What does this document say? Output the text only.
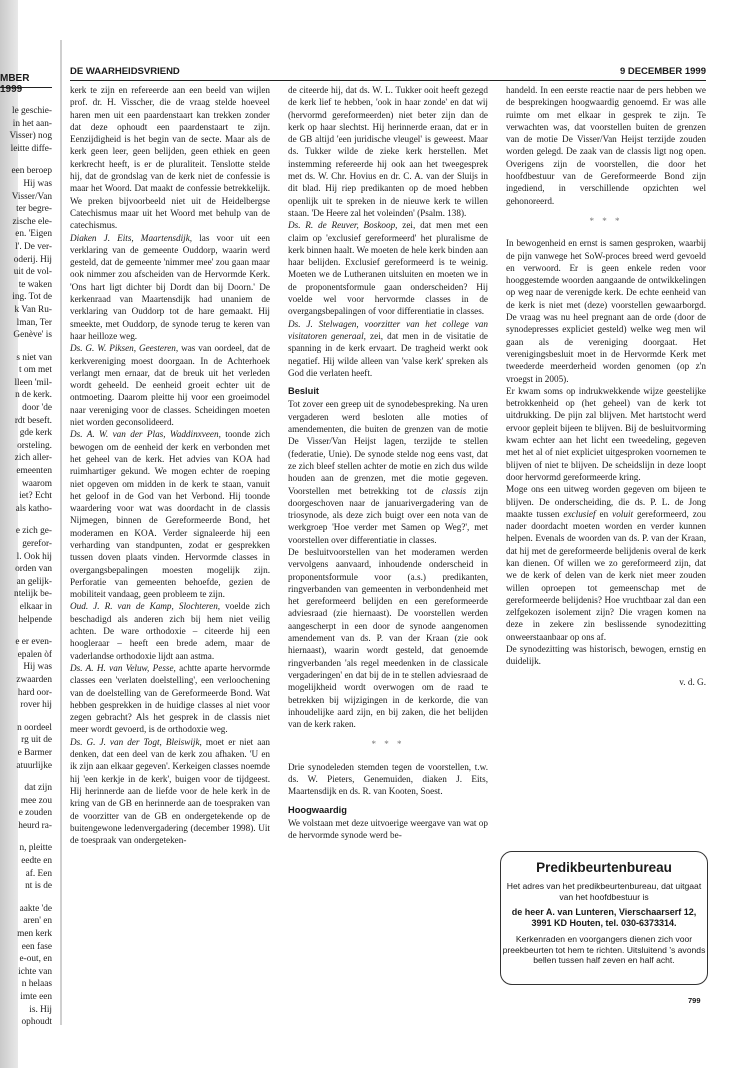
MBER 1999

le geschie-

in het aan-

Visser) nog

leitte diffe-

een beroep

Hij was

Visser/Van

ter begre-

zische ele-

en. 'Eigen

l'. De ver-

oderij. Hij

uit de vol-

te waken

ing. Tot de

k Van Ru-

lman, Ter

Genève' is

s niet van

t om met

lleen 'mil-

n de kerk.

door 'de

rdt beseft.

gde kerk

orsteling.

zich aller-

emeenten

waarom

iet? Echt

als katho-

e zich ge-

gerefor-

l. Ook hij

orden van

an gelijk-

ntelijk be-

elkaar in

helpende

e er even-

epalen òf

Hij was

zwaarden

hard oor-

rover hij

n oordeel

rg uit de

e Barmer

atuurlijke

dat zijn

mee zou

e zouden

heurd ra-

n, pleitte

eedte en

af. Een

nt is de

aakte 'de

aren' en

men kerk

een fase

e-out, en

ichte van

n helaas

imte een

is. Hij

ophoudt

DE WAARHEIDSVRIEND	9 DECEMBER 1999

kerk te zijn en refereerde aan een beeld van wijlen prof. dr. H. Visscher, die de vraag stelde hoeveel haren men uit een paardenstaart kan trekken zonder dat deze ophoudt een paardenstaart te zijn. Eenzijdigheid is het begin van de secte. Maar als de kerk geen leer, geen belijden, geen ethiek en geen kerkrecht heeft, is er de pluraliteit. Tenslotte stelde hij, dat de grondslag van de kerk niet de confessie is maar het Woord. Dat maakt de confessie betrekkelijk. We preken bijvoorbeeld niet uit de Heidelbergse Catechismus maar uit het Woord met behulp van de catechismus.

Diaken J. Eits, Maartensdijk, las voor uit een verklaring van de gemeente Ouddorp, waarin werd gesteld, dat de gemeente 'nimmer mee' zou gaan maar ook nimmer zou afscheiden van de Hervormde Kerk. 'Ons hart ligt dichter bij Dordt dan bij Doorn.' De kerkenraad van Maartensdijk had unaniem de verklaring van Ouddorp tot de hare gemaakt. Hij smeekte, met Ouddorp, de synode terug te keren van haar heilloze weg.

Ds. G. W. Piksen, Geesteren, was van oordeel, dat de kerkvereniging moest doorgaan. In de Achterhoek verlangt men ernaar, dat de breuk uit het verleden wordt geheeld. De eenheid groeit echter uit de ontmoeting. Daarom pleitte hij voor een groeimodel naar vereniging voor de classes. Scheidingen moeten niet worden geconsolideerd.

Ds. A. W. van der Plas, Waddinxveen, toonde zich bewogen om de eenheid der kerk en verbonden met het geheel van de kerk. Het advies van KOA had ruimhartiger gekund. We mogen echter de roeping niet opgeven om midden in de kerk te staan, vanuit het geloof in de God van het Verbond. Hij toonde waardering voor wat was doordacht in de classis Nijmegen, binnen de Gereformeerde Bond, het moderamen en KOA. Verder signaleerde hij een verharding van standpunten, zodat er gesprekken tussen doven plaats vinden. Hervormde classes in overgangsbepalingen moesten mogelijk zijn. Perforatie van gemeenten behoefde, gezien de mobiliteit vandaag, geen probleem te zijn.

Oud. J. R. van de Kamp, Slochteren, voelde zich beschadigd als anderen zich bij hem niet veilig achten. De ware orthodoxie – citeerde hij een hoogleraar – heeft een brede adem, maar de vaderlandse orthodoxie lijdt aan astma.

Ds. A. H. van Veluw, Pesse, achtte aparte hervormde classes een 'verlaten doelstelling', een verloochening van de doelstelling van de Gereformeerde Bond. Wat hebben gesprekken in de huidige classes al niet voor zegen gebracht? Als het gesprek in de classis niet meer wordt gevoerd, is de orthodoxie weg.

Ds. G. J. van der Togt, Bleiswijk, moet er niet aan denken, dat een deel van de kerk zou afhaken. 'U en ik zijn aan elkaar gegeven'. Kerkeigen classes noemde hij 'een kerkje in de kerk', buigen voor de tijdgeest. Hij herinnerde aan de liefde voor de hele kerk in de kring van de GB en herinnerde aan de toespraken van de voorzitter van de GB en ondergetekende op de buitengewone ledenvergadering (december 1998). Uit de toespraak van ondergeteken-

de citeerde hij, dat ds. W. L. Tukker ooit heeft gezegd de kerk lief te hebben, 'ook in haar zonde' en dat wij (hervormd gereformeerden) niet beter zijn dan de kerk op haar slechtst. Hij herinnerde eraan, dat er in de GB altijd 'een juridische vleugel' is geweest. Maar ds. Tukker wilde de zieke kerk herstellen. Met instemming refereerde hij ook aan het tweegesprek met ds. W. Chr. Hovius en dr. C. A. van der Sluijs in dit blad. Hij riep predikanten op de moed hebben openlijk uit te spreken in de nieuwe kerk te willen staan. 'De Heere zal het voleinden' (Psalm. 138).

Ds. R. de Reuver, Boskoop, zei, dat men met een claim op 'exclusief gereformeerd' het pluralisme de kerk binnen haalt. We moeten de hele kerk binden aan haar belijden. Exclusief gereformeerd is te weinig. Moeten we de Lutheranen uitsluiten en moeten we in de proponentsformule gaan onderscheiden? Hij voelde wel voor hervormde classes in de overgangsbepalingen of voor differentiatie in classes.

Ds. J. Stelwagen, voorzitter van het college van visitatoren generaal, zei, dat men in de visitatie de spanning in de kerk ervaart. De tragheid werkt ook negatief. Hij wilde alleen van 'valse kerk' spreken als God die verlaten heeft.

Besluit

Tot zover een greep uit de synodebespreking. Na uren vergaderen werd besloten alle moties of amendementen, die buiten de grenzen van de motie De Visser/Van Heijst lagen, terzijde te stellen (federatie, Unie). De synode stelde nog eens vast, dat ze zich bleef stellen achter de motie en zich dus wilde houden aan de grenzen, met die motie gegeven. Voorstellen met betrekking tot de classis zijn doorgeschoven naar de januarivergadering van de triosynode, als deze zich buigt over een nota van de werkgroep 'Hoe verder met Samen op Weg?', met voorstellen over differentiatie in classes.

De besluitvoorstellen van het moderamen werden vervolgens aanvaard, inhoudende onderscheid in proponentsformule voor (a.s.) predikanten, ringverbanden van gemeenten in verbondenheid met het gereformeerd belijden en een gereformeerde adviesraad (zie hiernaast). De voorstellen werden aangescherpt in een door de synode aangenomen amendement van ds. P. van der Kraan (zie ook hiernaast), waarin wordt gesteld, dat genoemde ringverbanden 'als regel meedenken in de classicale vergaderingen' en dat bij de in te stellen adviesraad de mogelijkheid wordt overwogen om de raad te betrekken bij wijzigingen in de kerkorde, die van inhoudelijke aard zijn, en bij zaken, die het belijden van de kerk raken.

* * *

Drie synodeleden stemden tegen de voorstellen, t.w. ds. W. Pieters, Genemuiden, diaken J. Eits, Maartensdijk en ds. R. van Kooten, Soest.

Hoogwaardig

We volstaan met deze uitvoerige weergave van wat op de hervormde synode werd be-

handeld. In een eerste reactie naar de pers hebben we de besprekingen hoogwaardig genoemd. Er was alle ruimte om met elkaar in gesprek te zijn. Te verwachten was, dat voorstellen buiten de grenzen van de motie De Visser/Van Heijst terzijde zouden worden gelegd. De zaak van de classis ligt nog open. Overigens zijn de voorstellen, die door het hoofdbestuur van de Gereformeerde Bond zijn ingediend, in verschillende opzichten wel gehonoreerd.

* * *

In bewogenheid en ernst is samen gesproken, waarbij de pijn vanwege het SoW-proces breed werd gevoeld en verwoord. Er is geen enkele reden voor hooggestemde woorden aangaande de ontwikkelingen op weg naar de verenigde kerk. De echte eenheid van de kerk is niet met (deze) voorstellen gewaarborgd. De vraag was nu heel pregnant aan de orde (door de synodepresses expliciet gesteld) welke weg men wil gaan als de vereniging doorgaat. Het verenigingsbesluit moet in de Hervormde Kerk met tweederde meerderheid worden genomen (op z'n vroegst in 2005).

Er kwam soms op indrukwekkende wijze geestelijke betrokkenheid op (het geheel) van de kerk tot uitdrukking. De pijn zal blijven. Met hartstocht werd ervoor gepleit bijeen te blijven. Bij de besluitvorming kwam echter aan het licht een tweedeling, gegeven met het al of niet expliciet uitgesproken voornemen te blijven of niet te blijven. De scheidslijn in deze loopt door hervormd gereformeerde kring.

Moge ons een uitweg worden gegeven om bijeen te blijven. De onderscheiding, die ds. P. L. de Jong maakte tussen exclusief en voluit gereformeerd, zou nader doordacht moeten worden en verder kunnen helpen. Evenals de woorden van ds. P. van der Kraan, dat hij met de gereformeerde belijdenis overal de kerk kan dienen. Of willen we zo gereformeerd zijn, dat we de kerk of delen van de kerk niet meer zouden willen oproepen tot gemeenschap met de gereformeerde belijdenis? Hoe vruchtbaar zal dan een zelfgekozen isolement zijn? Die vragen komen na deze in zekere zin beslissende synodezitting onweerstaanbaar op ons af.

De synodezitting was historisch, bewogen, ernstig en duidelijk.

v. d. G.
Predikbeurtenbureau

Het adres van het predikbeurtenbureau, dat uitgaat van het hoofdbestuur is

de heer A. van Lunteren, Vierschaarserf 12, 3991 KD Houten, tel. 030-6373314.

Kerkenraden en voorgangers dienen zich voor preekbeurten tot hem te richten. Uitsluitend 's avonds bellen tussen half zeven en half acht.

799
